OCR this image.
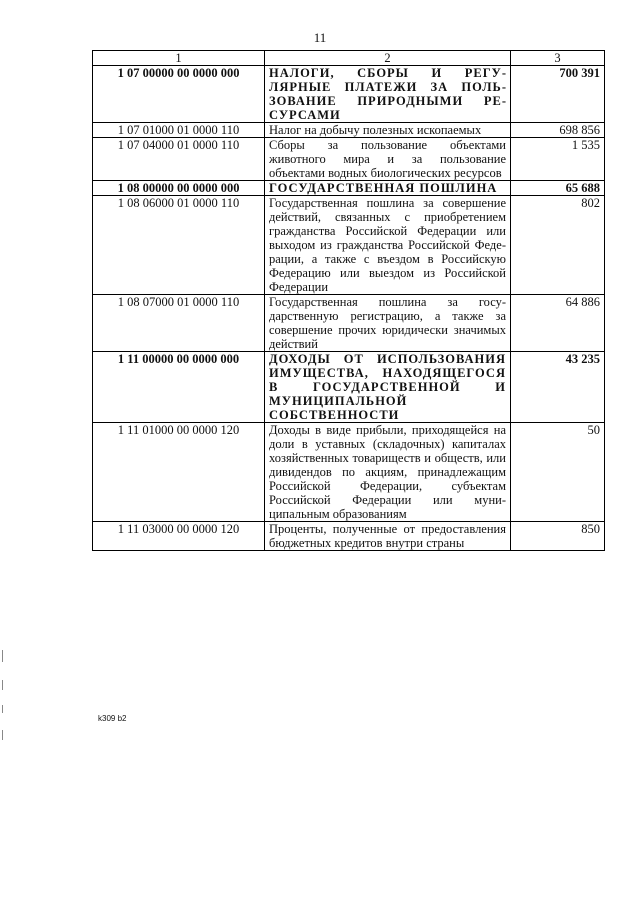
11
1	2	3
1 07 00000 00 0000 000	НАЛОГИ, СБОРЫ И РЕГУЛЯРНЫЕ ПЛАТЕЖИ ЗА ПОЛЬЗОВАНИЕ ПРИРОДНЫМИ РЕСУРСАМИ	700 391
1 07 01000 01 0000 110	Налог на добычу полезных ископаемых	698 856
1 07 04000 01 0000 110	Сборы за пользование объектами животного мира и за пользование объектами водных биологических ресурсов	1 535
1 08 00000 00 0000 000	ГОСУДАРСТВЕННАЯ ПОШЛИНА	65 688
1 08 06000 01 0000 110	Государственная пошлина за совершение действий, связанных с приобретением гражданства Российской Федерации или выходом из гражданства Российской Федерации, а также с въездом в Российскую Федерацию или выездом из Российской Федерации	802
1 08 07000 01 0000 110	Государственная пошлина за государственную регистрацию, а также за совершение прочих юридически значимых действий	64 886
1 11 00000 00 0000 000	ДОХОДЫ ОТ ИСПОЛЬЗОВАНИЯ ИМУЩЕСТВА, НАХОДЯЩЕГОСЯ В ГОСУДАРСТВЕННОЙ И МУНИЦИПАЛЬНОЙ СОБСТВЕННОСТИ	43 235
1 11 01000 00 0000 120	Доходы в виде прибыли, приходящейся на доли в уставных (складочных) капиталах хозяйственных товариществ и обществ, или дивидендов по акциям, принадлежащим Российской Федерации, субъектам Российской Федерации или муниципальным образованиям	50
1 11 03000 00 0000 120	Проценты, полученные от предоставления бюджетных кредитов внутри страны	850
k309 b2
